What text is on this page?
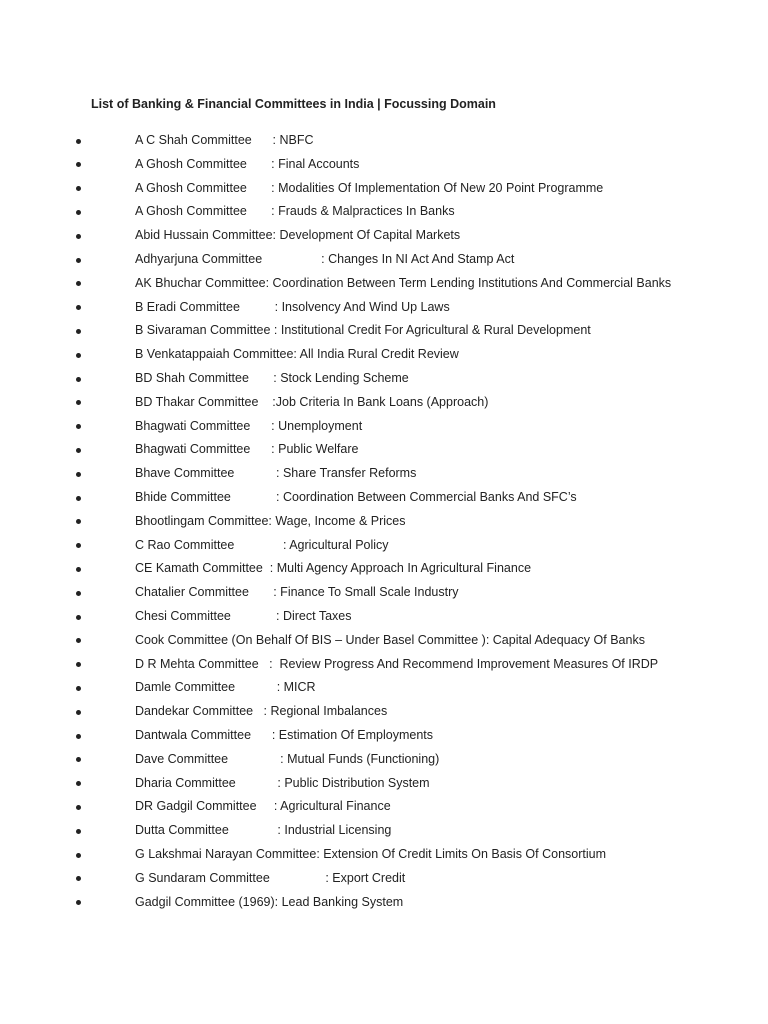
List of Banking & Financial Committees in India | Focussing Domain
A C Shah Committee      : NBFC
A Ghosh Committee       : Final Accounts
A Ghosh Committee       : Modalities Of Implementation Of New 20 Point Programme
A Ghosh Committee       : Frauds & Malpractices In Banks
Abid Hussain Committee: Development Of Capital Markets
Adhyarjuna Committee                 : Changes In NI Act And Stamp Act
AK Bhuchar Committee: Coordination Between Term Lending Institutions And Commercial Banks
B Eradi Committee          : Insolvency And Wind Up Laws
B Sivaraman Committee : Institutional Credit For Agricultural & Rural Development
B Venkatappaiah Committee: All India Rural Credit Review
BD Shah Committee       : Stock Lending Scheme
BD Thakar Committee    :Job Criteria In Bank Loans (Approach)
Bhagwati Committee      : Unemployment
Bhagwati Committee      : Public Welfare
Bhave Committee            : Share Transfer Reforms
Bhide Committee             : Coordination Between Commercial Banks And SFC’s
Bhootlingam Committee: Wage, Income & Prices
C Rao Committee              : Agricultural Policy
CE Kamath Committee  : Multi Agency Approach In Agricultural Finance
Chatalier Committee       : Finance To Small Scale Industry
Chesi Committee             : Direct Taxes
Cook Committee (On Behalf Of BIS – Under Basel Committee ): Capital Adequacy Of Banks
D R Mehta Committee   :  Review Progress And Recommend Improvement Measures Of IRDP
Damle Committee            : MICR
Dandekar Committee   : Regional Imbalances
Dantwala Committee      : Estimation Of Employments
Dave Committee               : Mutual Funds (Functioning)
Dharia Committee            : Public Distribution System
DR Gadgil Committee     : Agricultural Finance
Dutta Committee              : Industrial Licensing
G Lakshmai Narayan Committee: Extension Of Credit Limits On Basis Of Consortium
G Sundaram Committee                : Export Credit
Gadgil Committee (1969): Lead Banking System
